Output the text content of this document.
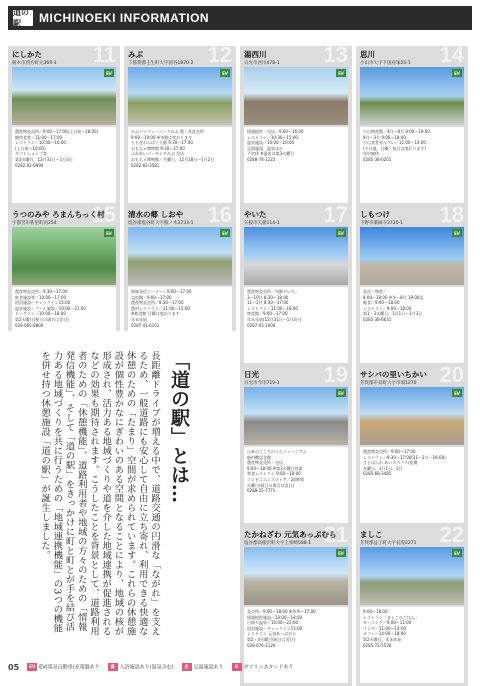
道の駅	MICHINOEKI INFORMATION
11
にしかた
栃木市西方町元369-1
EV
農産物直売所／9:00〜17:00(土日祝〜18:00)
焼肉食堂／11:00〜17:00
レストラン／10:00〜16:00
(土日祝〜16:00)
ギフトショップ等
第3水曜日、12月31日〜1月3日
0282-92-0990
12
みぶ
下都賀郡壬生町大字国谷1870-2
EV
みぶハイウェーパークみぶ 農・食直売所
9:00〜19:00 ※冬期は変わります
とちぎわんぱく公園 9:30〜17:00
おもちゃ博物館 9:30〜17:00
ふれあいパーキングみぶ 売店
おもちゃ博物館／月曜日、12月28日〜1月2日
0282-83-3581
13
湯西川
日光市西川478-1
EV
情報提供・売店／9:00〜16:00
レストラン／10:30〜15:00
温泉施設／10:00〜20:00
足湯施設、温泉ほか
不定休 ※温泉は第3火曜日
0288-78-1222
14
思川
小山市大字下国府塚25-1
EV
小山物産館／4月〜8月 9:00〜19:00
9月〜3月 9:00〜18:00
小山食堂ぜんぺい／11:00〜14:00
(その他、日曜・祝日は変わります)
年中無休
0285-38-0201
15
うつのみや ろまんちっく村
宇都宮市新里町丙254
EV
農産物直売所／9:30〜17:00
飲食施設等／10:00〜17:00
宿泊施設／チェックイン15:00
温泉施設・プール施設／10:00〜21:00
ドッグラン／10:00〜18:00
第2火曜日(祝日の場合は翌日)
028-665-8800
16
清水の郷 しおや
塩谷郡塩谷町大字熊ノ木3733-1
EV
情報発信コーナー／9:00〜17:00
交流館／9:00〜17:00
農産物直売所／8:30〜17:00
農村レストラン／11:00〜15:00
※飲食館 日曜は変わります
年末年始
0287-41-6101
17
やいた
矢板市矢板114-1
EV
農産物直売所「旬鮮やいた」
3〜10月 8:30〜18:00
11〜2月 8:30〜17:00
レストラン／11:00〜18:00
物産館／9:00〜17:00
年末年始(12月31日〜1月3日)
0287-43-1000
18
しもつけ
下野市薬師寺3720-1
EV
直売・物産／
8:00〜18:00 ※冬〜8月 19:00迄
軽食／9:00〜18:00
レストラン／9:00〜18:00
第1・3水曜日、1月1日〜1月3日
0285-38-6631
19
日光
日光市今市719-1
EV
日本のこころのうたミュージアム
船村徹記念館
農産物直売所・売店
9:00〜18:00 ※第3火曜日休業
和食レストラン 9:00〜18:00
コンビニエンスストア／24時間
火曜日(祝日の場合は翌日)
0288-25-7771
20
サシバの里いちかい
芳賀郡市貝町大字市塙1270
EV
農産物直売所／9:00〜17:00
レストラン／9:30〜17:00(11〜2月〜16:00)
さとばんわ あいスペース/花壇
木曜日、1月1日、2日
0285-68-3485
21
たかねざわ 元気あっぷむら
塩谷郡高根沢町大字上柏崎588-1
EV
直売所／9:00〜18:00 ※冬季〜17:00
情報提供施設／10:00〜18:00
日帰り温泉／10:00〜22:00
宿泊施設／チェックイン15:00
レストラン 元気あっぷむら
第2・4火曜日(祝日は翌日)
028-676-1126
22
ましこ
芳賀郡益子町大字長堤2271
EV
9:00〜18:00
レストラン「ましこのごはん」
モーニング／9:00〜11:00
ランチ／11:00〜14:00
カフェ／14:00〜18:00
第2火曜日、年末年始
0285-72-5530
「道の駅」とは…
長距離ドライブが増える中で、道路交通の円滑な「ながれ」を支えるため、一般道路にも安心して自由に立ち寄れ、利用できる快適な休憩のための「たまり」空間が求められています。これらの休憩施設が個性豊かなにぎわいのある空間となることにより、地域の核が形成され、活力ある地域づくりや道を介した地域連携が促進されるなどの効果も期待されます。こうしたことを背景として、道路利用者のための「休憩機能」、道路利用者や地域の方々のための「情報発信機能」、そして「道の駅」をきっかけに町と町とが手を結び活力ある地域づくりを共に行うための「地域連携機能」の3つの機能を併せ持つ休憩施設「道の駅」が誕生しました。
05	EV EV(電気自動車)充電器あり	湯 入浴施設あり(温泉含む)	足 足湯施設あり	G ガソリンスタンドあり
